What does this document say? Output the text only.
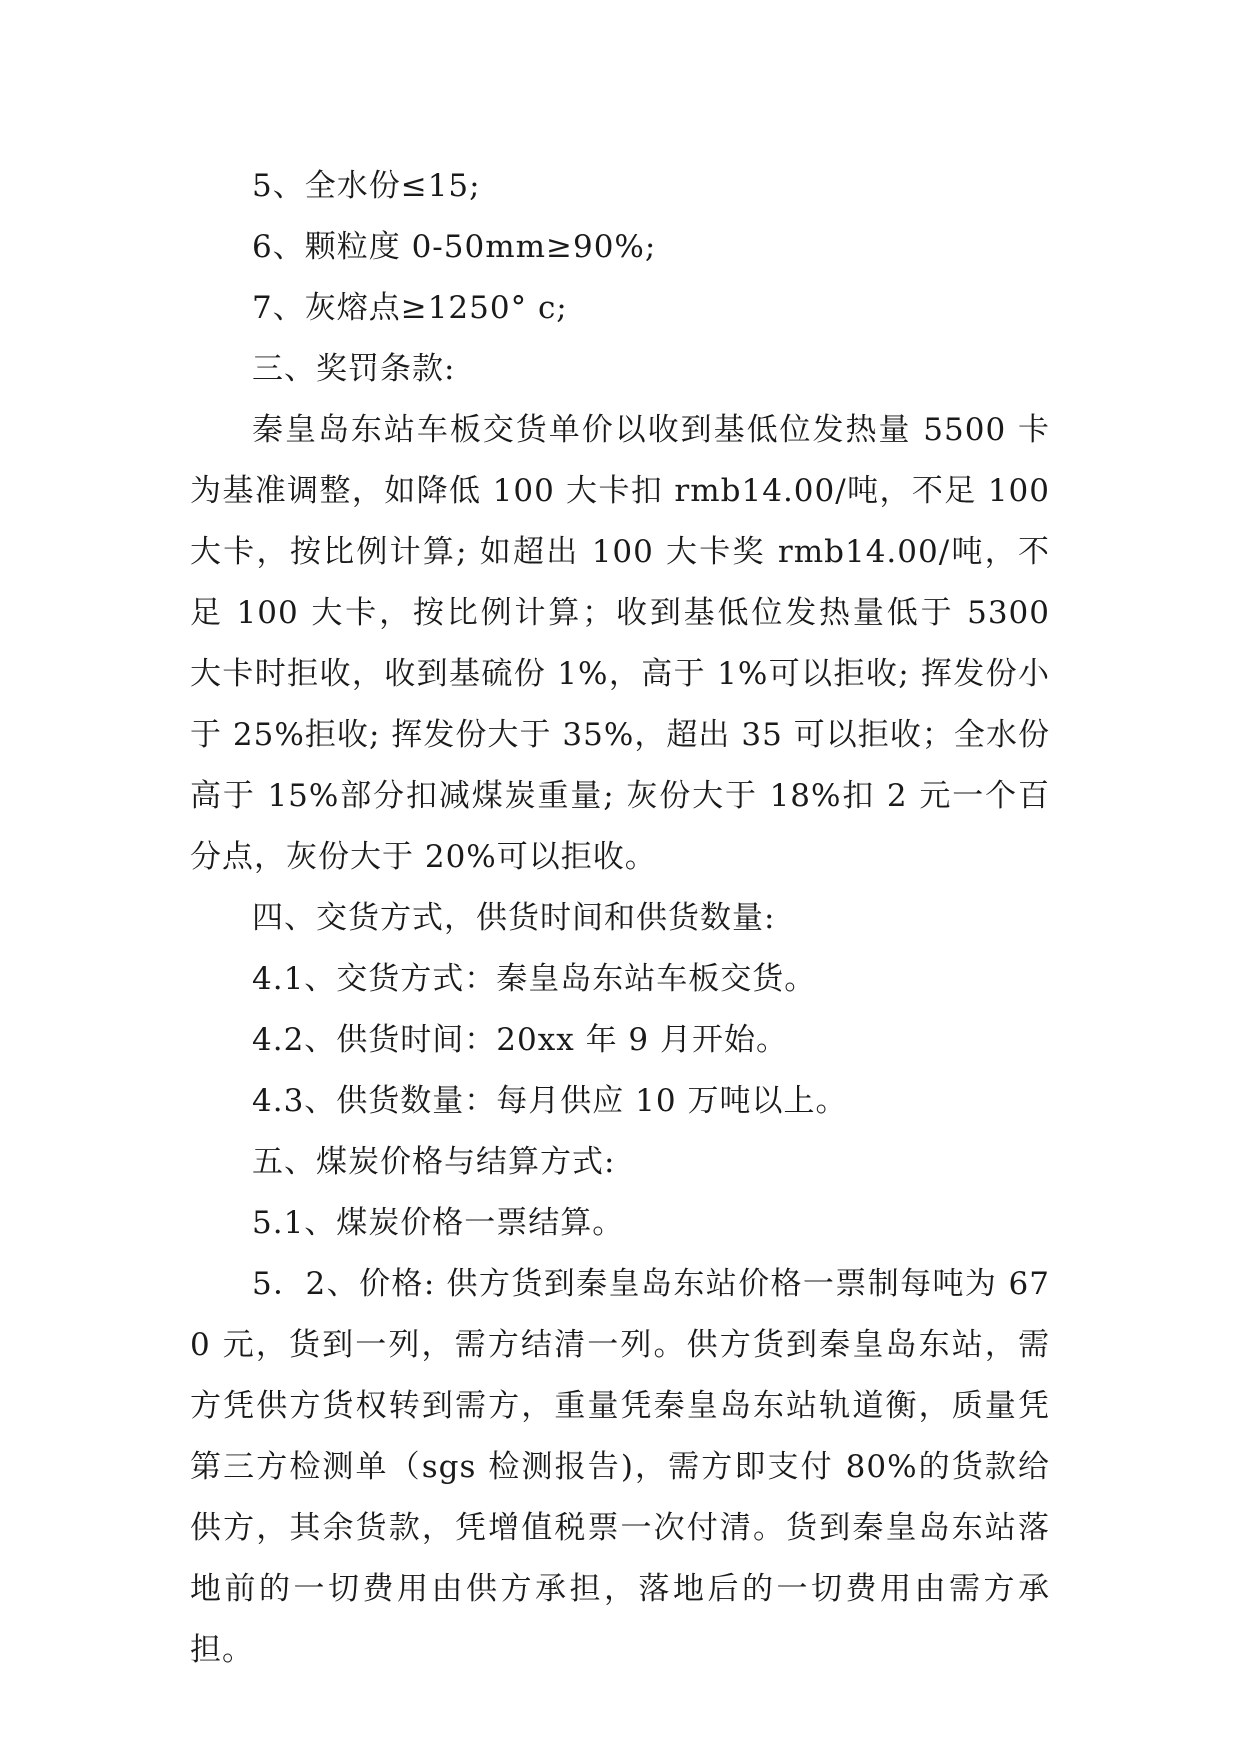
5、全水份≤15;

6、颗粒度 0-50mm≥90%;

7、灰熔点≥1250° c;

三、奖罚条款:

秦皇岛东站车板交货单价以收到基低位发热量 5500 卡为基准调整，如降低 100 大卡扣 rmb14.00/吨，不足 100 大卡，按比例计算; 如超出 100 大卡奖 rmb14.00/吨，不足 100 大卡，按比例计算；收到基低位发热量低于 5300 大卡时拒收，收到基硫份 1%，高于 1%可以拒收; 挥发份小于 25%拒收; 挥发份大于 35%，超出 35 可以拒收；全水份高于 15%部分扣减煤炭重量; 灰份大于 18%扣 2 元一个百分点，灰份大于 20%可以拒收。

四、交货方式，供货时间和供货数量:

4.1、交货方式：秦皇岛东站车板交货。

4.2、供货时间：20xx 年 9 月开始。

4.3、供货数量：每月供应 10 万吨以上。

五、煤炭价格与结算方式:

5.1、煤炭价格一票结算。

5．2、价格: 供方货到秦皇岛东站价格一票制每吨为 670 元，货到一列，需方结清一列。供方货到秦皇岛东站，需方凭供方货权转到需方，重量凭秦皇岛东站轨道衡，质量凭第三方检测单（sgs 检测报告)，需方即支付 80%的货款给供方，其余货款，凭增值税票一次付清。货到秦皇岛东站落地前的一切费用由供方承担，落地后的一切费用由需方承担。
